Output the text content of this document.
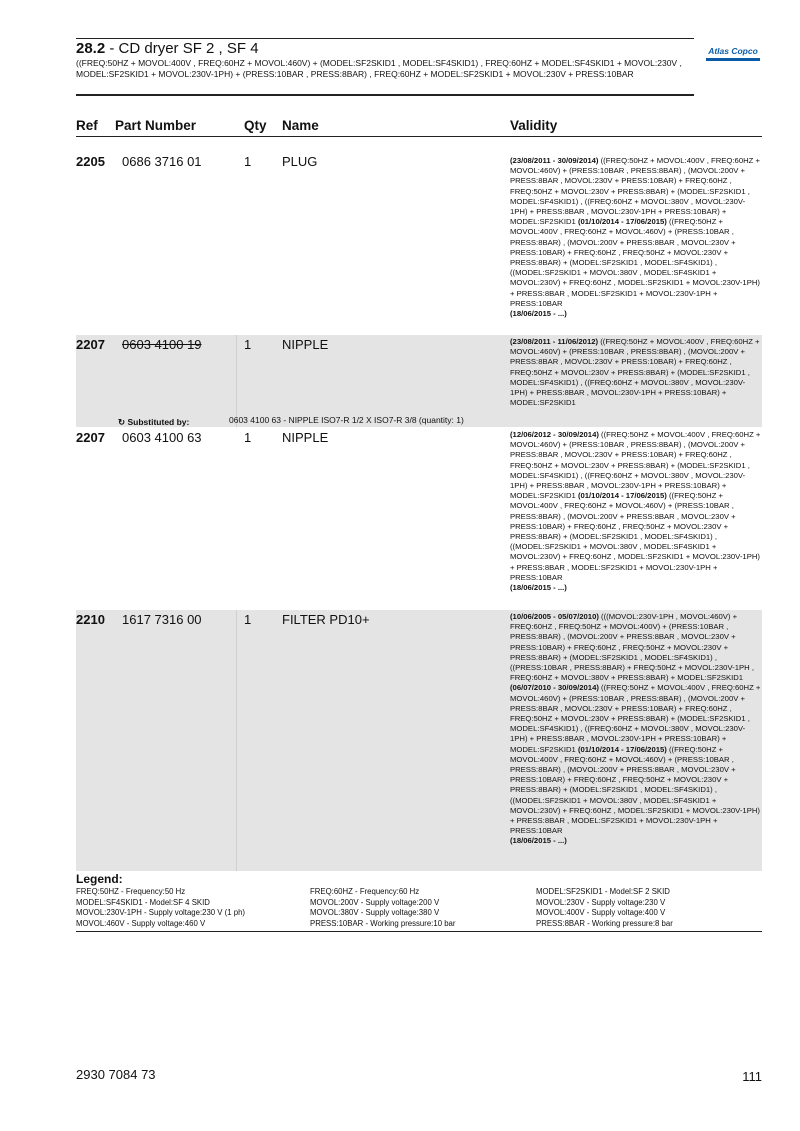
28.2 - CD dryer SF 2 , SF 4
((FREQ:50HZ + MOVOL:400V , FREQ:60HZ + MOVOL:460V) + (MODEL:SF2SKID1 , MODEL:SF4SKID1) , FREQ:60HZ + MODEL:SF4SKID1 + MOVOL:230V , MODEL:SF2SKID1 + MOVOL:230V-1PH) + (PRESS:10BAR , PRESS:8BAR) , FREQ:60HZ + MODEL:SF2SKID1 + MOVOL:230V + PRESS:10BAR
Atlas Copco
Ref Part Number	Qty Name	Validity
2205 0686 3716 01	1 PLUG	(23/08/2011 - 30/09/2014) ((FREQ:50HZ + MOVOL:400V , FREQ:60HZ + MOVOL:460V) + (PRESS:10BAR , PRESS:8BAR) , (MOVOL:200V + PRESS:8BAR , MOVOL:230V + PRESS:10BAR) + FREQ:60HZ , FREQ:50HZ + MOVOL:230V + PRESS:8BAR) + (MODEL:SF2SKID1 , MODEL:SF4SKID1) , ((FREQ:60HZ + MOVOL:380V , MOVOL:230V-1PH) + PRESS:8BAR , MOVOL:230V-1PH + PRESS:10BAR) + MODEL:SF2SKID1 (01/10/2014 - 17/06/2015) ((FREQ:50HZ + MOVOL:400V , FREQ:60HZ + MOVOL:460V) + (PRESS:10BAR , PRESS:8BAR) , (MOVOL:200V + PRESS:8BAR , MOVOL:230V + PRESS:10BAR) + FREQ:60HZ , FREQ:50HZ + MOVOL:230V + PRESS:8BAR) + (MODEL:SF2SKID1 , MODEL:SF4SKID1) , ((MODEL:SF2SKID1 + MOVOL:380V , MODEL:SF4SKID1 + MOVOL:230V) + FREQ:60HZ , MODEL:SF2SKID1 + MOVOL:230V-1PH) + PRESS:8BAR , MODEL:SF2SKID1 + MOVOL:230V-1PH + PRESS:10BAR
(18/06/2015 - ...)
2207 0603 4100 19	1 NIPPLE	(23/08/2011 - 11/06/2012) ((FREQ:50HZ + MOVOL:400V , FREQ:60HZ + MOVOL:460V) + (PRESS:10BAR , PRESS:8BAR) , (MOVOL:200V + PRESS:8BAR , MOVOL:230V + PRESS:10BAR) + FREQ:60HZ , FREQ:50HZ + MOVOL:230V + PRESS:8BAR) + (MODEL:SF2SKID1 , MODEL:SF4SKID1) , ((FREQ:60HZ + MOVOL:380V , MOVOL:230V-1PH) + PRESS:8BAR , MOVOL:230V-1PH + PRESS:10BAR) + MODEL:SF2SKID1
↻ Substituted by:	0603 4100 63 - NIPPLE ISO7-R 1/2 X ISO7-R 3/8 (quantity: 1)
2207 0603 4100 63	1 NIPPLE	(12/06/2012 - 30/09/2014) ((FREQ:50HZ + MOVOL:400V , FREQ:60HZ + MOVOL:460V) + (PRESS:10BAR , PRESS:8BAR) , (MOVOL:200V + PRESS:8BAR , MOVOL:230V + PRESS:10BAR) + FREQ:60HZ , FREQ:50HZ + MOVOL:230V + PRESS:8BAR) + (MODEL:SF2SKID1 , MODEL:SF4SKID1) , ((FREQ:60HZ + MOVOL:380V , MOVOL:230V-1PH) + PRESS:8BAR , MOVOL:230V-1PH + PRESS:10BAR) + MODEL:SF2SKID1 (01/10/2014 - 17/06/2015) ((FREQ:50HZ + MOVOL:400V , FREQ:60HZ + MOVOL:460V) + (PRESS:10BAR , PRESS:8BAR) , (MOVOL:200V + PRESS:8BAR , MOVOL:230V + PRESS:10BAR) + FREQ:60HZ , FREQ:50HZ + MOVOL:230V + PRESS:8BAR) + (MODEL:SF2SKID1 , MODEL:SF4SKID1) , ((MODEL:SF2SKID1 + MOVOL:380V , MODEL:SF4SKID1 + MOVOL:230V) + FREQ:60HZ , MODEL:SF2SKID1 + MOVOL:230V-1PH) + PRESS:8BAR , MODEL:SF2SKID1 + MOVOL:230V-1PH + PRESS:10BAR
(18/06/2015 - ...)
2210 1617 7316 00	1 FILTER PD10+	(10/06/2005 - 05/07/2010) (((MOVOL:230V-1PH , MOVOL:460V) + FREQ:60HZ , FREQ:50HZ + MOVOL:400V) + (PRESS:10BAR , PRESS:8BAR) , (MOVOL:200V + PRESS:8BAR , MOVOL:230V + PRESS:10BAR) + FREQ:60HZ , FREQ:50HZ + MOVOL:230V + PRESS:8BAR) + (MODEL:SF2SKID1 , MODEL:SF4SKID1) , ((PRESS:10BAR , PRESS:8BAR) + FREQ:50HZ + MOVOL:230V-1PH , FREQ:60HZ + MOVOL:380V + PRESS:8BAR) + MODEL:SF2SKID1 (06/07/2010 - 30/09/2014) ((FREQ:50HZ + MOVOL:400V , FREQ:60HZ + MOVOL:460V) + (PRESS:10BAR , PRESS:8BAR) , (MOVOL:200V + PRESS:8BAR , MOVOL:230V + PRESS:10BAR) + FREQ:60HZ , FREQ:50HZ + MOVOL:230V + PRESS:8BAR) + (MODEL:SF2SKID1 , MODEL:SF4SKID1) , ((FREQ:60HZ + MOVOL:380V , MOVOL:230V-1PH) + PRESS:8BAR , MOVOL:230V-1PH + PRESS:10BAR) + MODEL:SF2SKID1 (01/10/2014 - 17/06/2015) ((FREQ:50HZ + MOVOL:400V , FREQ:60HZ + MOVOL:460V) + (PRESS:10BAR , PRESS:8BAR) , (MOVOL:200V + PRESS:8BAR , MOVOL:230V + PRESS:10BAR) + FREQ:60HZ , FREQ:50HZ + MOVOL:230V + PRESS:8BAR) + (MODEL:SF2SKID1 , MODEL:SF4SKID1) , ((MODEL:SF2SKID1 + MOVOL:380V , MODEL:SF4SKID1 + MOVOL:230V) + FREQ:60HZ , MODEL:SF2SKID1 + MOVOL:230V-1PH) + PRESS:8BAR , MODEL:SF2SKID1 + MOVOL:230V-1PH + PRESS:10BAR
(18/06/2015 - ...)
Legend:
FREQ:50HZ - Frequency:50 Hz	FREQ:60HZ - Frequency:60 Hz	MODEL:SF2SKID1 - Model:SF 2 SKID
MODEL:SF4SKID1 - Model:SF 4 SKID	MOVOL:200V - Supply voltage:200 V	MOVOL:230V - Supply voltage:230 V
MOVOL:230V-1PH - Supply voltage:230 V (1 ph)	MOVOL:380V - Supply voltage:380 V	MOVOL:400V - Supply voltage:400 V
MOVOL:460V - Supply voltage:460 V	PRESS:10BAR - Working pressure:10 bar	PRESS:8BAR - Working pressure:8 bar
2930 7084 73	111
